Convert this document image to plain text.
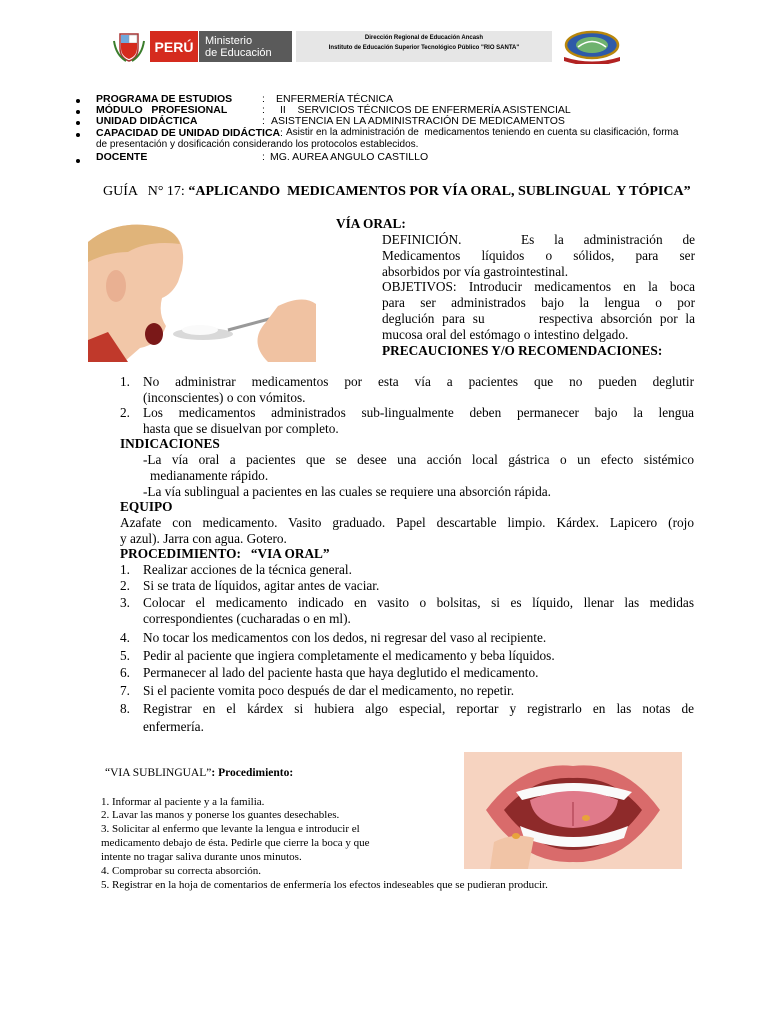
PERÚ	Ministerio
de Educación
Dirección Regional de Educación Ancash
Instituto de Educación Superior Tecnológico Público "RIO SANTA"
PROGRAMA DE ESTUDIOS	: ENFERMERÍA TÉCNICA
MÓDULO   PROFESIONAL	: II    SERVICIOS TÉCNICOS DE ENFERMERÍA ASISTENCIAL
UNIDAD DIDÁCTICA	: ASISTENCIA EN LA ADMINISTRACIÓN DE MEDICAMENTOS
CAPACIDAD DE UNIDAD DIDÁCTICA : Asistir en la administración de  medicamentos teniendo en cuenta su clasificación, forma
de presentación y dosificación considerando los protocolos establecidos.
DOCENTE	: MG. AUREA ANGULO CASTILLO
GUÍA   N° 17: “APLICANDO  MEDICAMENTOS POR VÍA ORAL, SUBLINGUAL  Y TÓPICA”
VÍA ORAL:
DEFINICIÓN.      Es  la  administración  de
Medicamentos líquidos o sólidos, para ser
absorbidos por vía gastrointestinal.
OBJETIVOS: Introducir medicamentos en la boca
para ser administrados bajo la lengua o por
deglución para su       respectiva absorción por la
mucosa oral del estómago o intestino delgado.
PRECAUCIONES Y/O RECOMENDACIONES:
1. No administrar medicamentos por esta vía a pacientes que no pueden deglutir
(inconscientes) o con vómitos.
2. Los medicamentos administrados sub-lingualmente deben permanecer bajo la lengua
hasta que se disuelvan por completo.
INDICACIONES
-La vía oral a pacientes que se desee una acción local gástrica o un efecto sistémico
medianamente rápido.
-La vía sublingual a pacientes en las cuales se requiere una absorción rápida.
EQUIPO
Azafate con medicamento. Vasito graduado. Papel descartable limpio. Kárdex. Lapicero (rojo
y azul). Jarra con agua. Gotero.
PROCEDIMIENTO:   “VIA ORAL”
1. Realizar acciones de la técnica general.
2. Si se trata de líquidos, agitar antes de vaciar.
3. Colocar el medicamento indicado en vasito o bolsitas, si es líquido, llenar las medidas
correspondientes (cucharadas o en ml).
4. No tocar los medicamentos con los dedos, ni regresar del vaso al recipiente.
5. Pedir al paciente que ingiera completamente el medicamento y beba líquidos.
6. Permanecer al lado del paciente hasta que haya deglutido el medicamento.
7. Si el paciente vomita poco después de dar el medicamento, no repetir.
8. Registrar en el kárdex si hubiera algo especial, reportar y registrarlo en las notas de
enfermería.
“VIA SUBLINGUAL”: Procedimiento:
1. Informar al paciente y a la familia.
2. Lavar las manos y ponerse los guantes desechables.
3. Solicitar al enfermo que levante la lengua e introducir el
medicamento debajo de ésta. Pedirle que cierre la boca y que
intente no tragar saliva durante unos minutos.
4. Comprobar su correcta absorción.
5. Registrar en la hoja de comentarios de enfermería los efectos indeseables que se pudieran producir.
